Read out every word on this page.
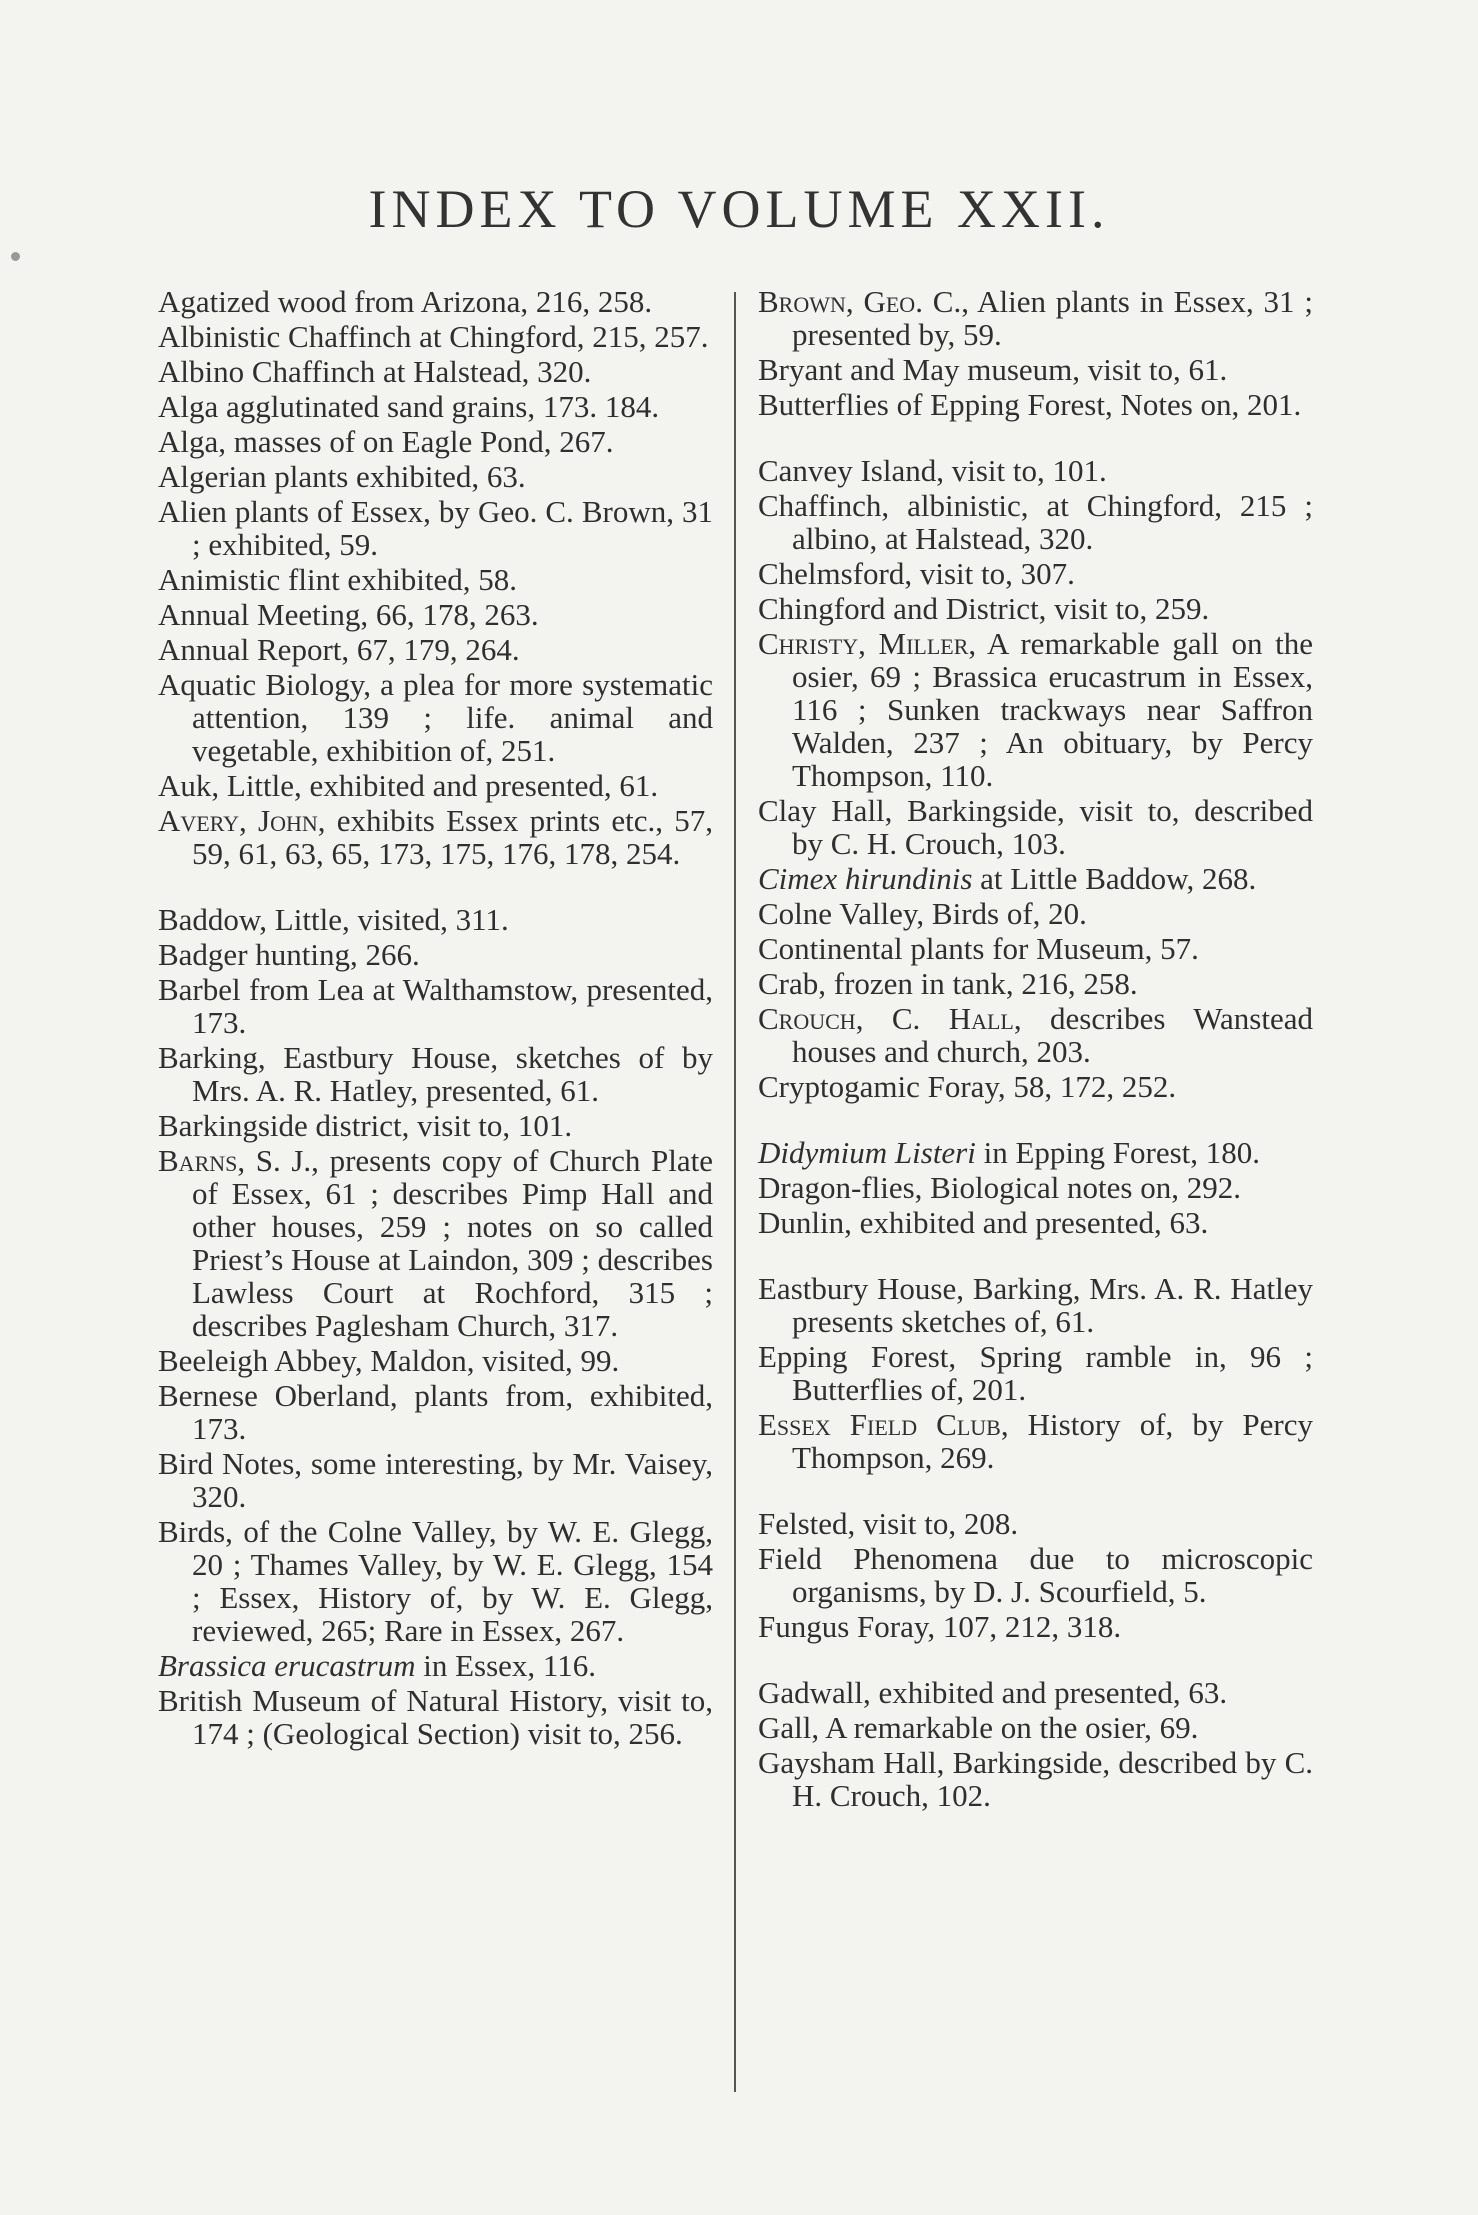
INDEX TO VOLUME XXII.

Agatized wood from Arizona, 216, 258.

Albinistic Chaffinch at Chingford, 215, 257.

Albino Chaffinch at Halstead, 320.

Alga agglutinated sand grains, 173. 184.

Alga, masses of on Eagle Pond, 267.

Algerian plants exhibited, 63.

Alien plants of Essex, by Geo. C. Brown, 31 ; exhibited, 59.

Animistic flint exhibited, 58.

Annual Meeting, 66, 178, 263.

Annual Report, 67, 179, 264.

Aquatic Biology, a plea for more systematic attention, 139 ; life. animal and vegetable, exhibition of, 251.

Auk, Little, exhibited and presented, 61.

Avery, John, exhibits Essex prints etc., 57, 59, 61, 63, 65, 173, 175, 176, 178, 254.

Baddow, Little, visited, 311.

Badger hunting, 266.

Barbel from Lea at Walthamstow, presented, 173.

Barking, Eastbury House, sketches of by Mrs. A. R. Hatley, presented, 61.

Barkingside district, visit to, 101.

Barns, S. J., presents copy of Church Plate of Essex, 61 ; describes Pimp Hall and other houses, 259 ; notes on so called Priest’s House at Laindon, 309 ; describes Lawless Court at Rochford, 315 ; describes Paglesham Church, 317.

Beeleigh Abbey, Maldon, visited, 99.

Bernese Oberland, plants from, exhibited, 173.

Bird Notes, some interesting, by Mr. Vaisey, 320.

Birds, of the Colne Valley, by W. E. Glegg, 20 ; Thames Valley, by W. E. Glegg, 154 ; Essex, History of, by W. E. Glegg, reviewed, 265; Rare in Essex, 267.

Brassica erucastrum in Essex, 116.

British Museum of Natural History, visit to, 174 ; (Geological Section) visit to, 256.

Brown, Geo. C., Alien plants in Essex, 31 ; presented by, 59.

Bryant and May museum, visit to, 61.

Butterflies of Epping Forest, Notes on, 201.

Canvey Island, visit to, 101.

Chaffinch, albinistic, at Chingford, 215 ; albino, at Halstead, 320.

Chelmsford, visit to, 307.

Chingford and District, visit to, 259.

Christy, Miller, A remarkable gall on the osier, 69 ; Brassica erucastrum in Essex, 116 ; Sunken trackways near Saffron Walden, 237 ; An obituary, by Percy Thompson, 110.

Clay Hall, Barkingside, visit to, described by C. H. Crouch, 103.

Cimex hirundinis at Little Baddow, 268.

Colne Valley, Birds of, 20.

Continental plants for Museum, 57.

Crab, frozen in tank, 216, 258.

Crouch, C. Hall, describes Wanstead houses and church, 203.

Cryptogamic Foray, 58, 172, 252.

Didymium Listeri in Epping Forest, 180.

Dragon-flies, Biological notes on, 292.

Dunlin, exhibited and presented, 63.

Eastbury House, Barking, Mrs. A. R. Hatley presents sketches of, 61.

Epping Forest, Spring ramble in, 96 ; Butterflies of, 201.

Essex Field Club, History of, by Percy Thompson, 269.

Felsted, visit to, 208.

Field Phenomena due to microscopic organisms, by D. J. Scourfield, 5.

Fungus Foray, 107, 212, 318.

Gadwall, exhibited and presented, 63.

Gall, A remarkable on the osier, 69.

Gaysham Hall, Barkingside, described by C. H. Crouch, 102.
